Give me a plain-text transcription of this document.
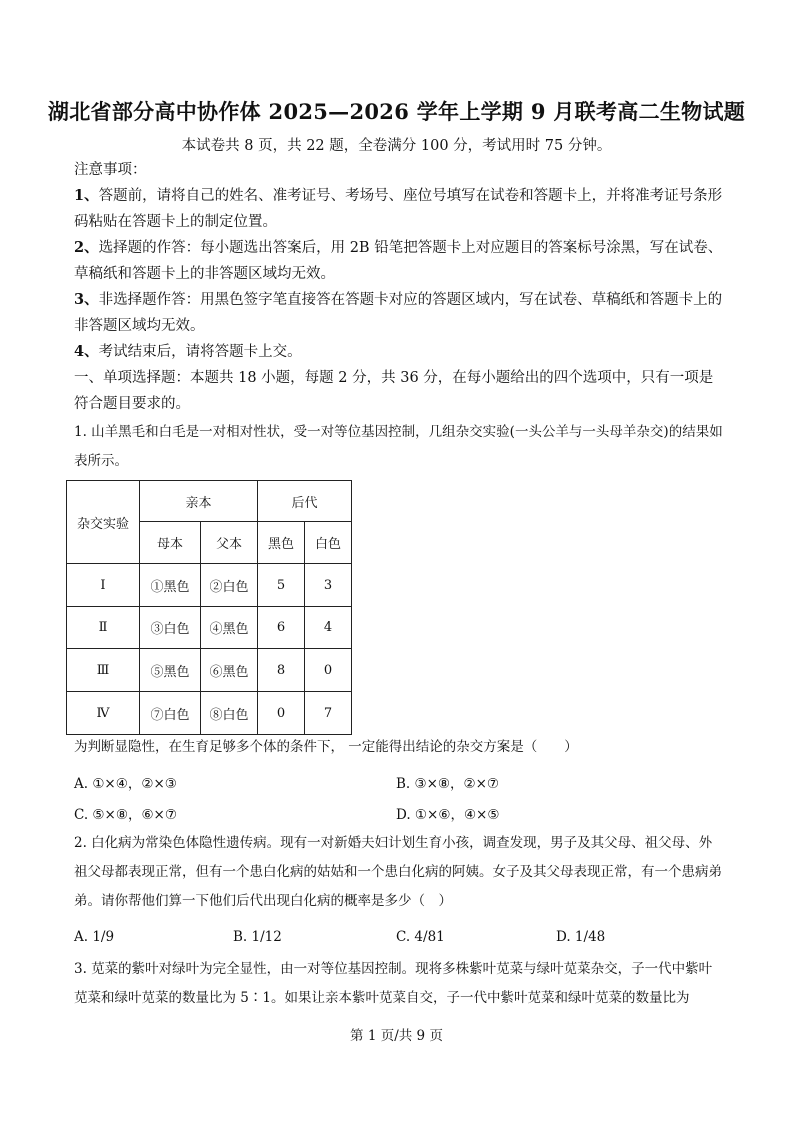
湖北省部分高中协作体 2025—2026 学年上学期 9 月联考高二生物试题
本试卷共 8 页，共 22 题，全卷满分 100 分，考试用时 75 分钟。
注意事项：
1、答题前，请将自己的姓名、准考证号、考场号、座位号填写在试卷和答题卡上，并将准考证号条形码粘贴在答题卡上的制定位置。
2、选择题的作答：每小题选出答案后，用 2B 铅笔把答题卡上对应题目的答案标号涂黑，写在试卷、草稿纸和答题卡上的非答题区域均无效。
3、非选择题作答：用黑色签字笔直接答在答题卡对应的答题区域内，写在试卷、草稿纸和答题卡上的非答题区域均无效。
4、考试结束后，请将答题卡上交。
一、单项选择题：本题共 18 小题，每题 2 分，共 36 分，在每小题给出的四个选项中，只有一项是符合题目要求的。
1. 山羊黑毛和白毛是一对相对性状，受一对等位基因控制，几组杂交实验(一头公羊与一头母羊杂交)的结果如表所示。
杂交实验	亲本		后代	
	母本	父本	黑色	白色
Ⅰ	①黑色	②白色	5	3
Ⅱ	③白色	④黑色	6	4
Ⅲ	⑤黑色	⑥黑色	8	0
Ⅳ	⑦白色	⑧白色	0	7
为判断显隐性，在生育足够多个体的条件下， 一定能得出结论的杂交方案是（　　）
A. ①×④，②×③	B. ③×⑧，②×⑦
C. ⑤×⑧，⑥×⑦	D. ①×⑥，④×⑤
2. 白化病为常染色体隐性遗传病。现有一对新婚夫妇计划生育小孩，调查发现，男子及其父母、祖父母、外祖父母都表现正常，但有一个患白化病的姑姑和一个患白化病的阿姨。女子及其父母表现正常，有一个患病弟弟。请你帮他们算一下他们后代出现白化病的概率是多少（　）
A. 1/9	B. 1/12	C. 4/81	D. 1/48
3. 苋菜的紫叶对绿叶为完全显性，由一对等位基因控制。现将多株紫叶苋菜与绿叶苋菜杂交，子一代中紫叶苋菜和绿叶苋菜的数量比为 5∶1。如果让亲本紫叶苋菜自交，子一代中紫叶苋菜和绿叶苋菜的数量比为
第 1 页/共 9 页
